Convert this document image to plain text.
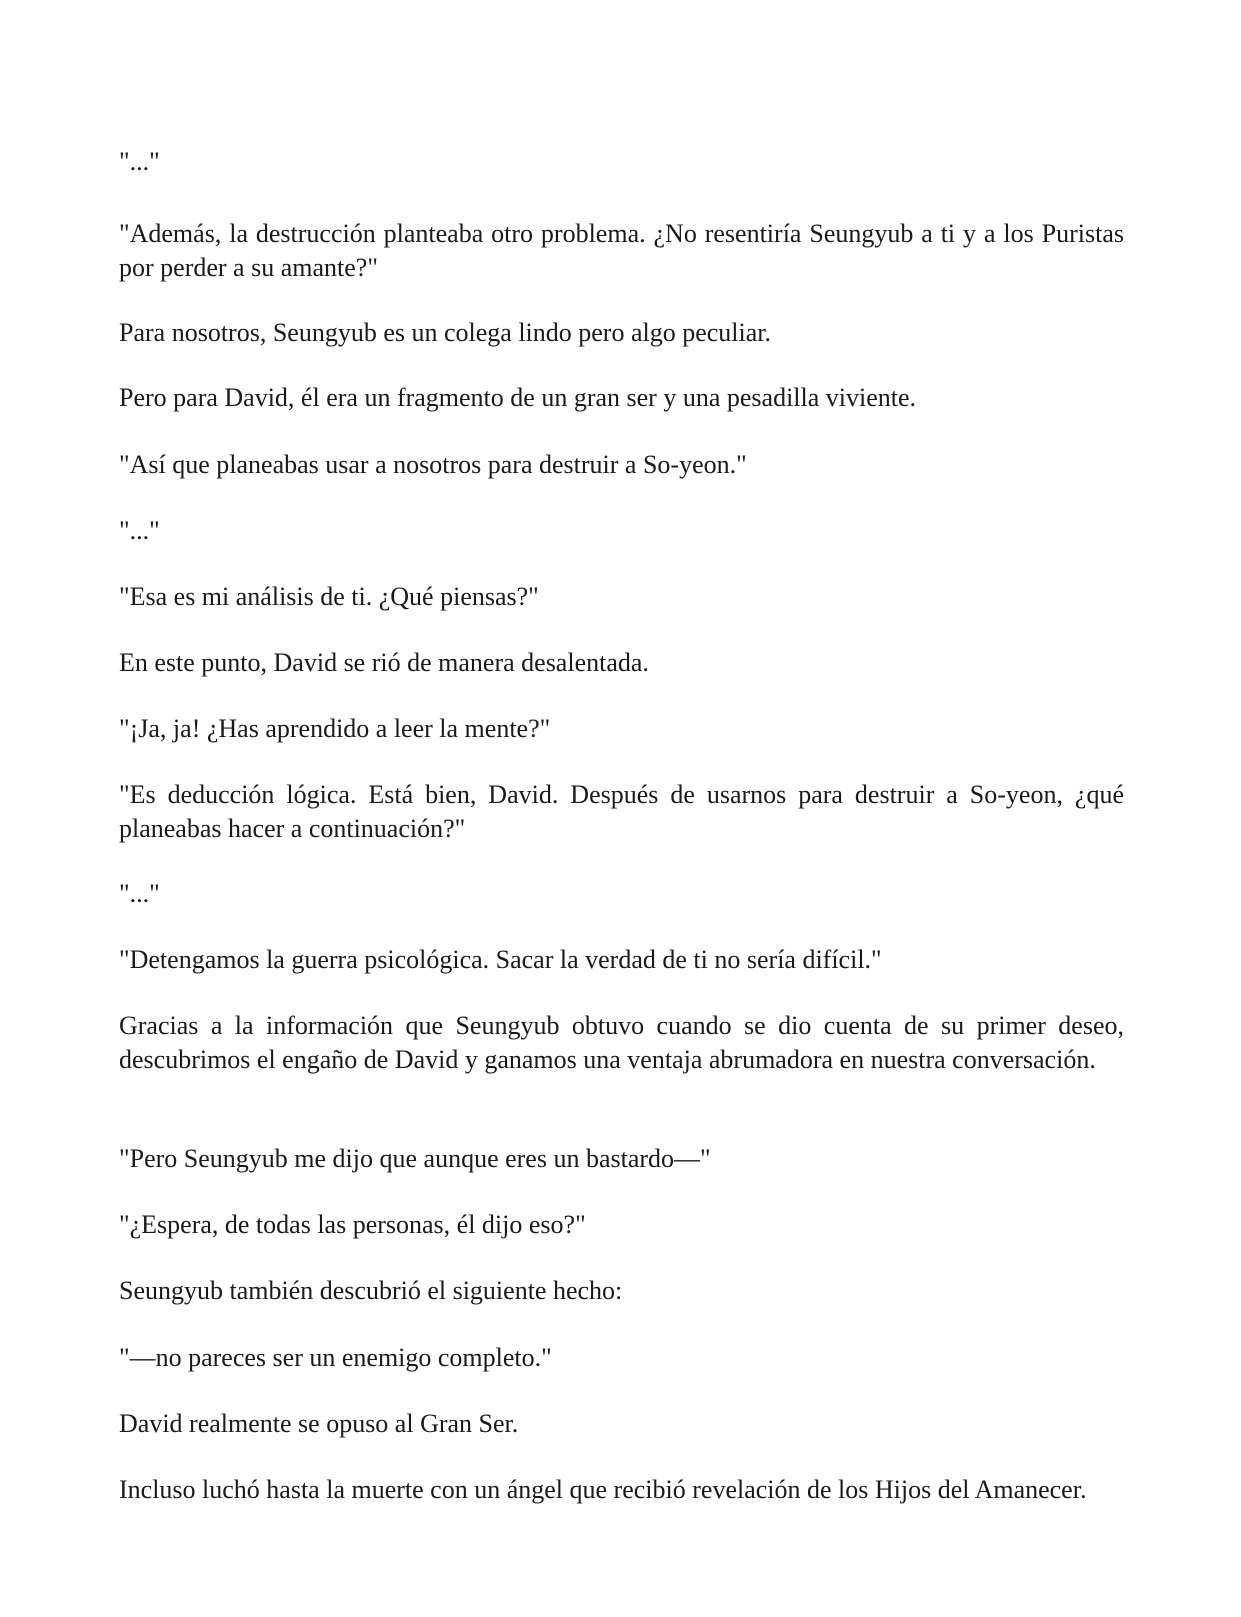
"..."

"Además, la destrucción planteaba otro problema. ¿No resentiría Seungyub a ti y a los Puristas por perder a su amante?"

Para nosotros, Seungyub es un colega lindo pero algo peculiar.

Pero para David, él era un fragmento de un gran ser y una pesadilla viviente.

"Así que planeabas usar a nosotros para destruir a So-yeon."

"..."

"Esa es mi análisis de ti. ¿Qué piensas?"

En este punto, David se rió de manera desalentada.

"¡Ja, ja! ¿Has aprendido a leer la mente?"

"Es deducción lógica. Está bien, David. Después de usarnos para destruir a So-yeon, ¿qué planeabas hacer a continuación?"

"..."

"Detengamos la guerra psicológica. Sacar la verdad de ti no sería difícil."

Gracias a la información que Seungyub obtuvo cuando se dio cuenta de su primer deseo, descubrimos el engaño de David y ganamos una ventaja abrumadora en nuestra conversación.

"Pero Seungyub me dijo que aunque eres un bastardo—"

"¿Espera, de todas las personas, él dijo eso?"

Seungyub también descubrió el siguiente hecho:

"—no pareces ser un enemigo completo."

David realmente se opuso al Gran Ser.

Incluso luchó hasta la muerte con un ángel que recibió revelación de los Hijos del Amanecer.
